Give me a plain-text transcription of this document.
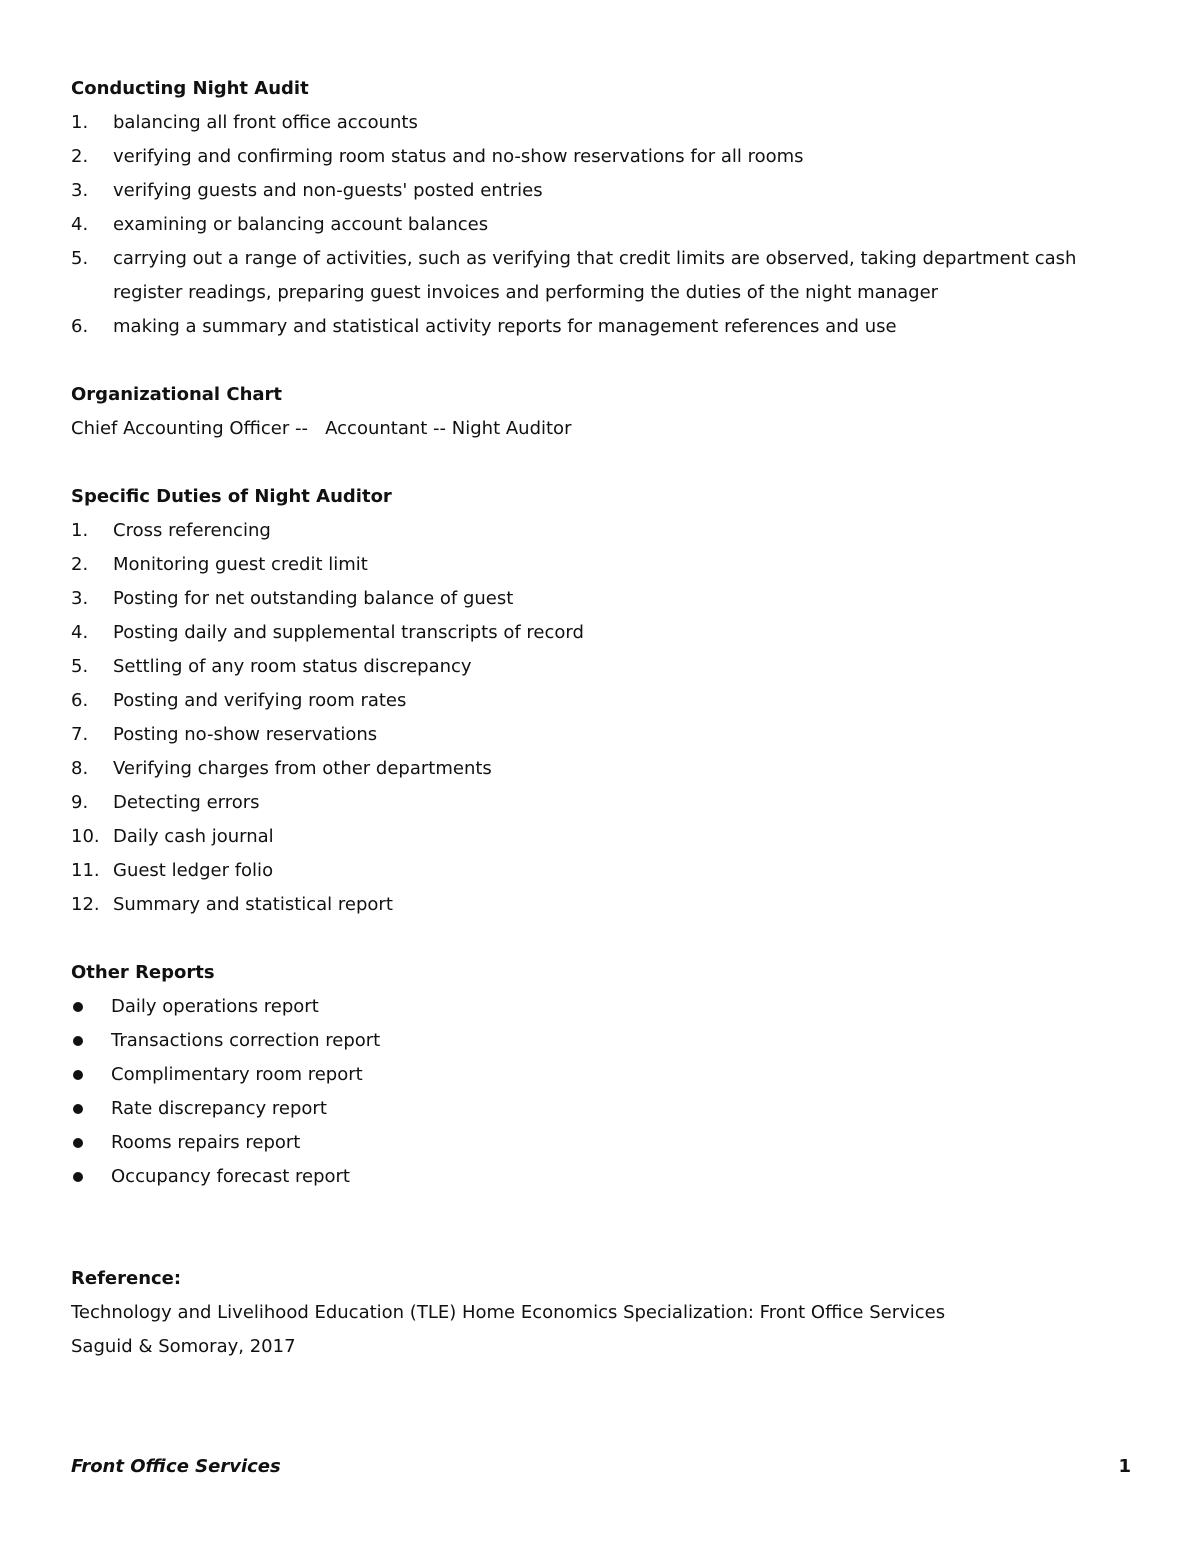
Conducting Night Audit
1.	balancing all front office accounts
2.	verifying and confirming room status and no-show reservations for all rooms
3.	verifying guests and non-guests' posted entries
4.	examining or balancing account balances
5.	carrying out a range of activities, such as verifying that credit limits are observed, taking department cash register readings, preparing guest invoices and performing the duties of the night manager
6.	making a summary and statistical activity reports for management references and use
Organizational Chart
Chief Accounting Officer --   Accountant -- Night Auditor
Specific Duties of Night Auditor
1.	Cross referencing
2.	Monitoring guest credit limit
3.	Posting for net outstanding balance of guest
4.	Posting daily and supplemental transcripts of record
5.	Settling of any room status discrepancy
6.	Posting and verifying room rates
7.	Posting no-show reservations
8.	Verifying charges from other departments
9.	Detecting errors
10. Daily cash journal
11. Guest ledger folio
12. Summary and statistical report
Other Reports
Daily operations report
Transactions correction report
Complimentary room report
Rate discrepancy report
Rooms repairs report
Occupancy forecast report
Reference:
Technology and Livelihood Education (TLE) Home Economics Specialization: Front Office Services
Saguid & Somoray, 2017
Front Office Services	1
